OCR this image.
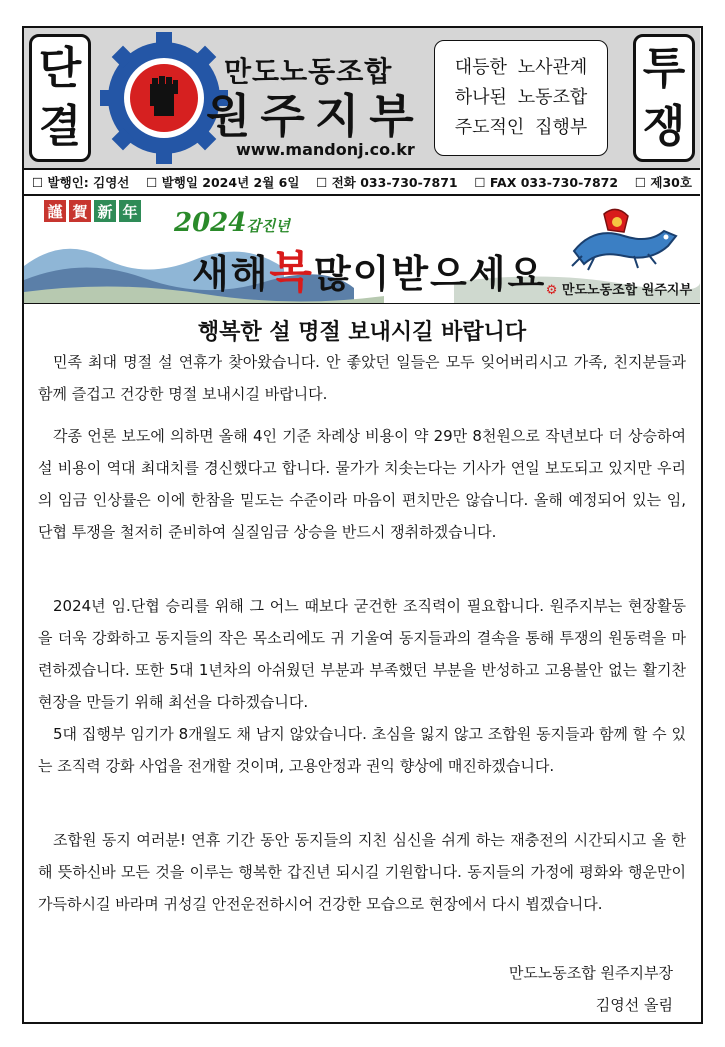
단
결
만도노동조합
원주지부
www.mandonj.co.kr
대등한 노사관계
하나된 노동조합
주도적인 집행부
투
쟁
☐ 발행인: 김영선 ☐ 발행일 2024년 2월 6일 ☐ 전화 033-730-7871 ☐ FAX 033-730-7872 ☐ 제30호
謹 賀 新 年 2024갑진년
새해복많이받으세요 ⚙ 만도노동조합 원주지부
행복한 설 명절 보내시길 바랍니다

민족 최대 명절 설 연휴가 찾아왔습니다. 안 좋았던 일들은 모두 잊어버리시고 가족, 친지분들과 함께 즐겁고 건강한 명절 보내시길 바랍니다.

각종 언론 보도에 의하면 올해 4인 기준 차례상 비용이 약 29만 8천원으로 작년보다 더 상승하여 설 비용이 역대 최대치를 경신했다고 합니다. 물가가 치솟는다는 기사가 연일 보도되고 있지만 우리의 임금 인상률은 이에 한참을 밑도는 수준이라 마음이 편치만은 않습니다. 올해 예정되어 있는 임,단협 투쟁을 철저히 준비하여 실질임금 상승을 반드시 쟁취하겠습니다.

2024년 임.단협 승리를 위해 그 어느 때보다 굳건한 조직력이 필요합니다. 원주지부는 현장활동을 더욱 강화하고 동지들의 작은 목소리에도 귀 기울여 동지들과의 결속을 통해 투쟁의 원동력을 마련하겠습니다. 또한 5대 1년차의 아쉬웠던 부분과 부족했던 부분을 반성하고 고용불안 없는 활기찬 현장을 만들기 위해 최선을 다하겠습니다.

5대 집행부 임기가 8개월도 채 남지 않았습니다. 초심을 잃지 않고 조합원 동지들과 함께 할 수 있는 조직력 강화 사업을 전개할 것이며, 고용안정과 권익 향상에 매진하겠습니다.

조합원 동지 여러분! 연휴 기간 동안 동지들의 지친 심신을 쉬게 하는 재충전의 시간되시고 올 한 해 뜻하신바 모든 것을 이루는 행복한 갑진년 되시길 기원합니다. 동지들의 가정에 평화와 행운만이 가득하시길 바라며 귀성길 안전운전하시어 건강한 모습으로 현장에서 다시 뵙겠습니다.

만도노동조합 원주지부장
김영선 올림
